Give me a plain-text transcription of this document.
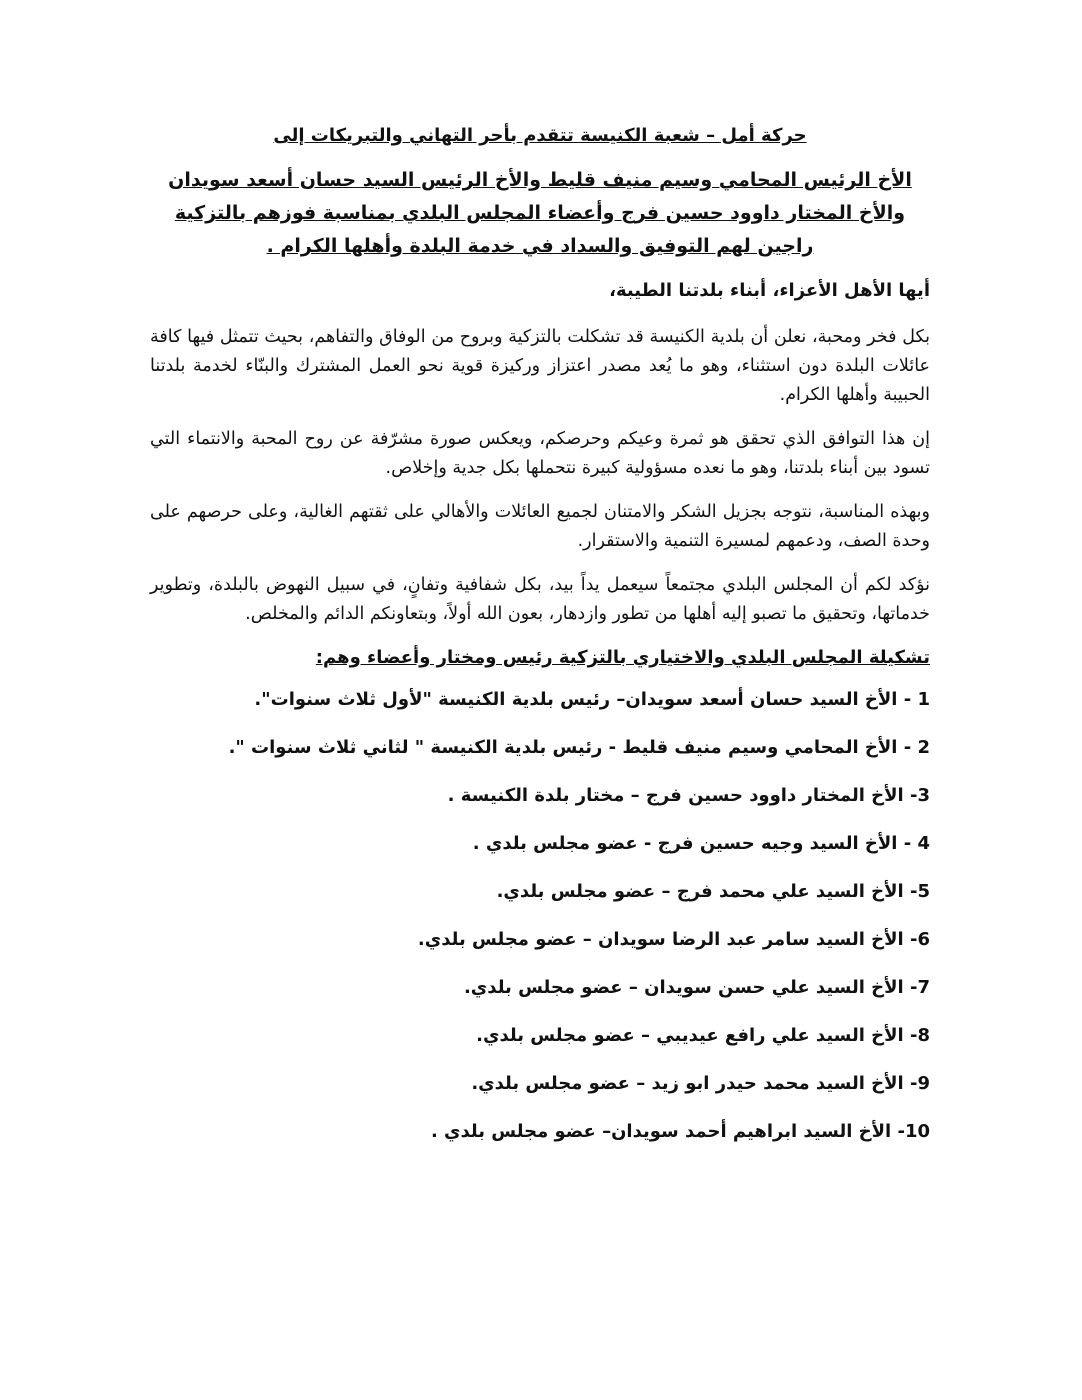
حركة أمل – شعبة الكنيسة تتقدم بأحر التهاني والتبريكات إلى
الأخ الرئيس المحامي وسيم منيف قليط والأخ الرئيس السيد حسان أسعد سويدان والأخ المختار داوود حسين فرج وأعضاء المجلس البلدي بمناسبة فوزهم بالتزكية راجين لهم التوفيق والسداد في خدمة البلدة وأهلها الكرام .
أيها الأهل الأعزاء، أبناء بلدتنا الطيبة،

بكل فخر ومحبة، نعلن أن بلدية الكنيسة قد تشكلت بالتزكية وبروح من الوفاق والتفاهم، بحيث تتمثل فيها كافة عائلات البلدة دون استثناء، وهو ما يُعد مصدر اعتزاز وركيزة قوية نحو العمل المشترك والبنّاء لخدمة بلدتنا الحبيبة وأهلها الكرام.

إن هذا التوافق الذي تحقق هو ثمرة وعيكم وحرصكم، ويعكس صورة مشرّفة عن روح المحبة والانتماء التي تسود بين أبناء بلدتنا، وهو ما نعده مسؤولية كبيرة نتحملها بكل جدية وإخلاص.

وبهذه المناسبة، نتوجه بجزيل الشكر والامتنان لجميع العائلات والأهالي على ثقتهم الغالية، وعلى حرصهم على وحدة الصف، ودعمهم لمسيرة التنمية والاستقرار.

نؤكد لكم أن المجلس البلدي مجتمعاً سيعمل يداً بيد، بكل شفافية وتفانٍ، في سبيل النهوض بالبلدة، وتطوير خدماتها، وتحقيق ما تصبو إليه أهلها من تطور وازدهار، بعون الله أولاً، وبتعاونكم الدائم والمخلص.

تشكيلة المجلس البلدي والاختياري بالتزكية رئيس ومختار وأعضاء وهم:
1 - الأخ السيد حسان أسعد سويدان– رئيس بلدية الكنيسة "لأول ثلاث سنوات".
2 - الأخ المحامي وسيم منيف قليط - رئيس بلدية الكنيسة " لثاني ثلاث سنوات ".
3- الأخ المختار داوود حسين فرج – مختار بلدة الكنيسة .
4 - الأخ السيد وجيه حسين فرج - عضو مجلس بلدي .
5- الأخ السيد علي محمد فرج – عضو مجلس بلدي.
6- الأخ السيد سامر عبد الرضا سويدان – عضو مجلس بلدي.
7- الأخ السيد علي حسن سويدان – عضو مجلس بلدي.
8- الأخ السيد علي رافع عيديبي – عضو مجلس بلدي.
9- الأخ السيد محمد حيدر ابو زيد – عضو مجلس بلدي.
10- الأخ السيد ابراهيم أحمد سويدان– عضو مجلس بلدي .
